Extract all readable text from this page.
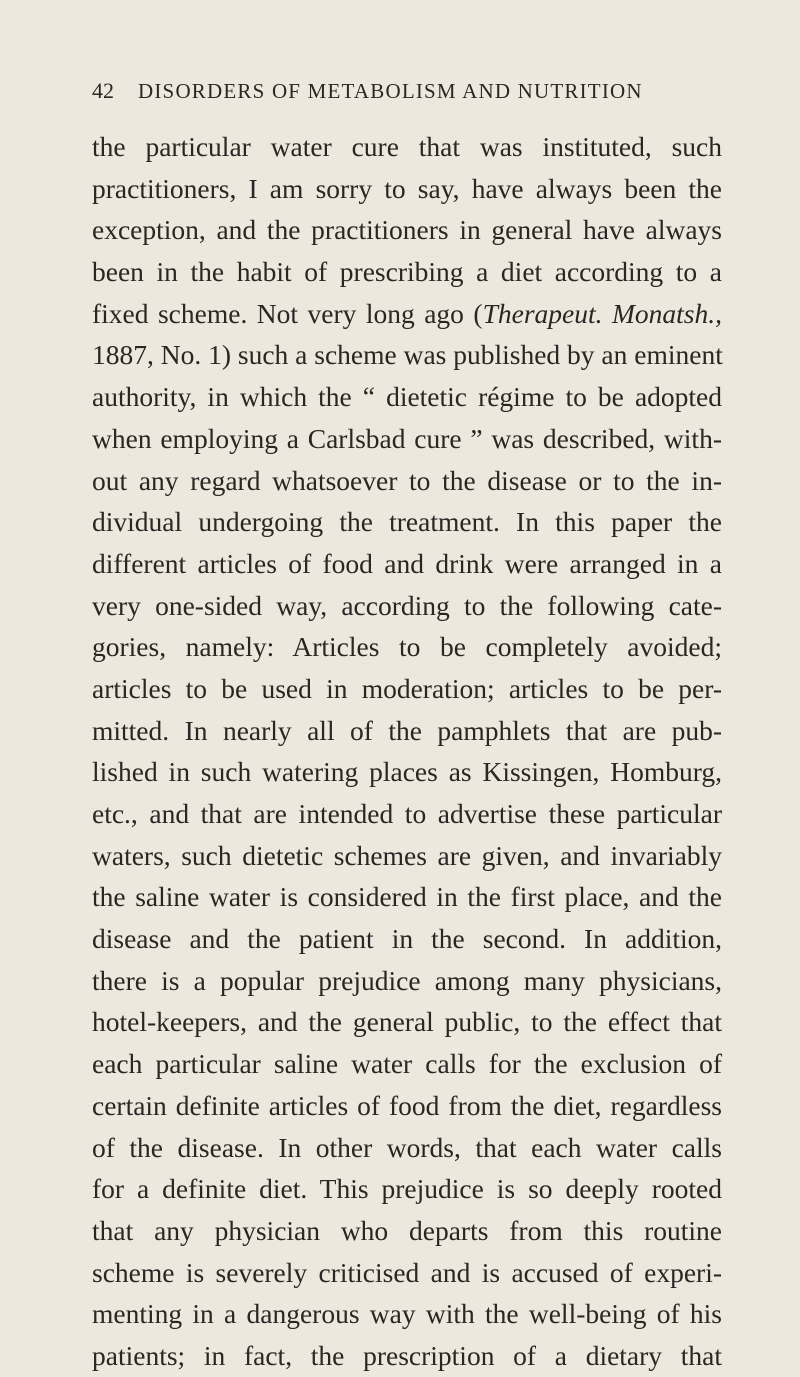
42 DISORDERS OF METABOLISM AND NUTRITION
the particular water cure that was instituted, such
practitioners, I am sorry to say, have always been the
exception, and the practitioners in general have always
been in the habit of prescribing a diet according to a
fixed scheme. Not very long ago (Therapeut. Monatsh.,
1887, No. 1) such a scheme was published by an eminent
authority, in which the “ dietetic régime to be adopted
when employing a Carlsbad cure ” was described, with-
out any regard whatsoever to the disease or to the in-
dividual undergoing the treatment. In this paper the
different articles of food and drink were arranged in a
very one-sided way, according to the following cate-
gories, namely: Articles to be completely avoided;
articles to be used in moderation; articles to be per-
mitted. In nearly all of the pamphlets that are pub-
lished in such watering places as Kissingen, Homburg,
etc., and that are intended to advertise these particular
waters, such dietetic schemes are given, and invariably
the saline water is considered in the first place, and the
disease and the patient in the second. In addition,
there is a popular prejudice among many physicians,
hotel-keepers, and the general public, to the effect that
each particular saline water calls for the exclusion of
certain definite articles of food from the diet, regardless
of the disease. In other words, that each water calls
for a definite diet. This prejudice is so deeply rooted
that any physician who departs from this routine
scheme is severely criticised and is accused of experi-
menting in a dangerous way with the well-being of his
patients; in fact, the prescription of a dietary that
